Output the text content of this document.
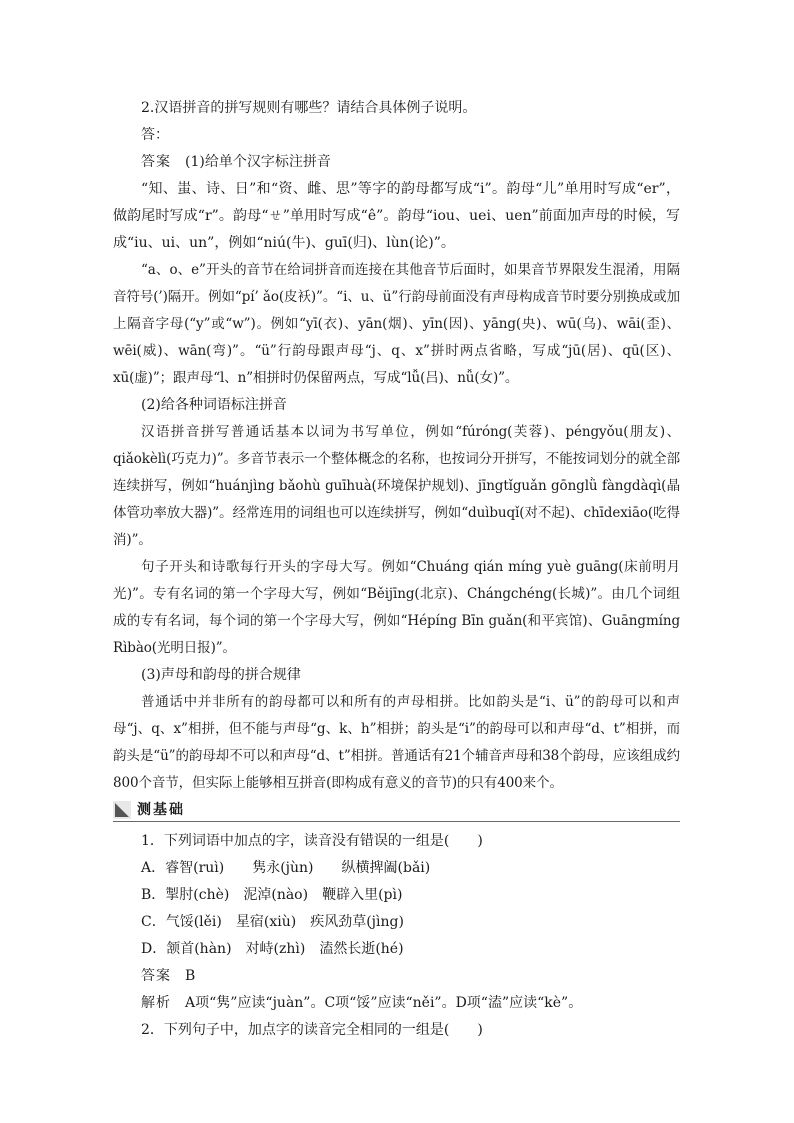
2.汉语拼音的拼写规则有哪些？请结合具体例子说明。

答：

答案 (1)给单个汉字标注拼音

“知、蚩、诗、日”和“资、雌、思”等字的韵母都写成“i”。韵母“儿”单用时写成“er”，做韵尾时写成“r”。韵母“ㄝ”单用时写成“ê”。韵母“iou、uei、uen”前面加声母的时候，写成“iu、ui、un”，例如“niú(牛)、guī(归)、lùn(论)”。

“a、o、e”开头的音节在给词拼音而连接在其他音节后面时，如果音节界限发生混淆，用隔音符号(’)隔开。例如“pí’ ǎo(皮袄)”。“i、u、ü”行韵母前面没有声母构成音节时要分别换成或加上隔音字母(“y”或“w”)。例如“yī(衣)、yān(烟)、yīn(因)、yāng(央)、wū(乌)、wāi(歪)、wēi(威)、wān(弯)”。“ü”行韵母跟声母“j、q、x”拼时两点省略，写成“jū(居)、qū(区)、xū(虚)”；跟声母“l、n”相拼时仍保留两点，写成“lǚ(吕)、nǚ(女)”。

(2)给各种词语标注拼音

汉语拼音拼写普通话基本以词为书写单位，例如“fúróng(芙蓉)、péngyǒu(朋友)、qiǎokèlì(巧克力)”。多音节表示一个整体概念的名称，也按词分开拼写，不能按词划分的就全部连续拼写，例如“huánjìng bǎohù guīhuà(环境保护规划)、jīngtǐguǎn gōnglǜ fàngdàqì(晶体管功率放大器)”。经常连用的词组也可以连续拼写，例如“duìbuqǐ(对不起)、chīdexiāo(吃得消)”。

句子开头和诗歌每行开头的字母大写。例如“Chuáng qián míng yuè guāng(床前明月光)”。专有名词的第一个字母大写，例如“Běijīng(北京)、Chángchéng(长城)”。由几个词组成的专有名词，每个词的第一个字母大写，例如“Hépíng Bīn guǎn(和平宾馆)、Guāngmíng Rìbào(光明日报)”。

(3)声母和韵母的拼合规律

普通话中并非所有的韵母都可以和所有的声母相拼。比如韵头是“i、ü”的韵母可以和声母“j、q、x”相拼，但不能与声母“g、k、h”相拼；韵头是“i”的韵母可以和声母“d、t”相拼，而韵头是“ü”的韵母却不可以和声母“d、t”相拼。普通话有21个辅音声母和38个韵母，应该组成约800个音节，但实际上能够相互拼音(即构成有意义的音节)的只有400来个。

测基础

1．下列词语中加点的字，读音没有错误的一组是(　　)

A．睿智(ruì)　　隽永(jùn)　　纵横捭阖(bǎi)

B．掣肘(chè)　泥淖(nào)　鞭辟入里(pì)

C．气馁(lěi)　星宿(xiù)　疾风劲草(jìng)

D．颔首(hàn)　对峙(zhì)　溘然长逝(hé)

答案 B

解析 A项“隽”应读“juàn”。C项“馁”应读“něi”。D项“溘”应读“kè”。

2．下列句子中，加点字的读音完全相同的一组是(　　)
